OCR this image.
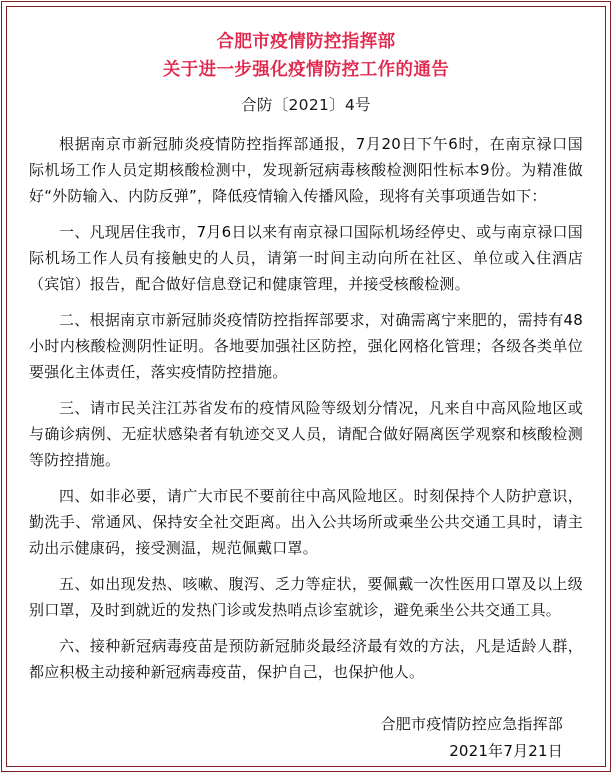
合肥市疫情防控指挥部
关于进一步强化疫情防控工作的通告
合防〔2021〕4号

根据南京市新冠肺炎疫情防控指挥部通报，7月20日下午6时，在南京禄口国际机场工作人员定期核酸检测中，发现新冠病毒核酸检测阳性标本9份。为精准做好“外防输入、内防反弹”，降低疫情输入传播风险，现将有关事项通告如下：

一、凡现居住我市，7月6日以来有南京禄口国际机场经停史、或与南京禄口国际机场工作人员有接触史的人员，请第一时间主动向所在社区、单位或入住酒店（宾馆）报告，配合做好信息登记和健康管理，并接受核酸检测。

二、根据南京市新冠肺炎疫情防控指挥部要求，对确需离宁来肥的，需持有48小时内核酸检测阴性证明。各地要加强社区防控，强化网格化管理；各级各类单位要强化主体责任，落实疫情防控措施。

三、请市民关注江苏省发布的疫情风险等级划分情况，凡来自中高风险地区或与确诊病例、无症状感染者有轨迹交叉人员，请配合做好隔离医学观察和核酸检测等防控措施。

四、如非必要，请广大市民不要前往中高风险地区。时刻保持个人防护意识，勤洗手、常通风、保持安全社交距离。出入公共场所或乘坐公共交通工具时，请主动出示健康码，接受测温，规范佩戴口罩。

五、如出现发热、咳嗽、腹泻、乏力等症状，要佩戴一次性医用口罩及以上级别口罩，及时到就近的发热门诊或发热哨点诊室就诊，避免乘坐公共交通工具。

六、接种新冠病毒疫苗是预防新冠肺炎最经济最有效的方法，凡是适龄人群，都应积极主动接种新冠病毒疫苗，保护自己，也保护他人。

合肥市疫情防控应急指挥部
2021年7月21日
